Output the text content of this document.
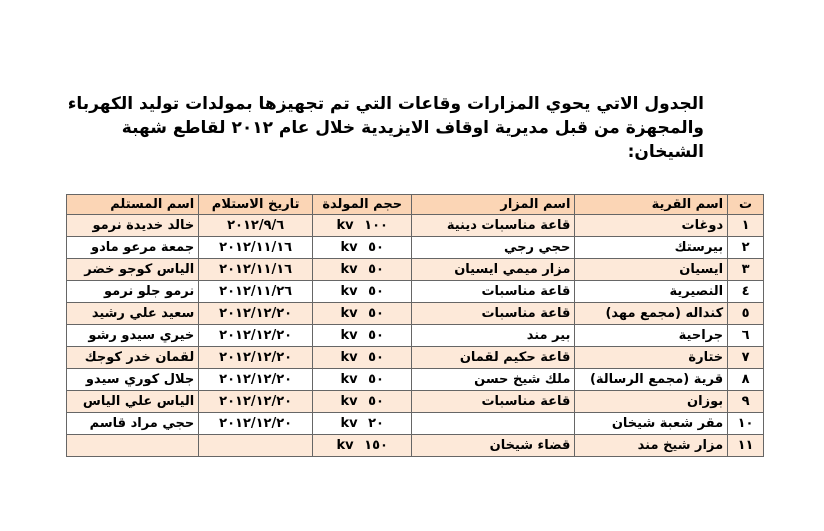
الجدول الاتي يحوي المزارات وقاعات التي تم تجهيزها بمولدات توليد الكهرباء
والمجهزة من قبل مديرية اوقاف الايزيدية خلال عام ٢٠١٢ لقاطع شهبة
الشيخان:
ت	اسم القرية	اسم المزار	حجم المولدة	تاريخ الاستلام	اسم المستلم
١	دوغات	قاعة مناسبات دينية	kv ١٠٠	٢٠١٢/٩/٦	خالد خديدة نرمو
٢	بيرستك	حجي رجي	kv ٥٠	٢٠١٢/١١/١٦	جمعة مرعو مادو
٣	ايسيان	مزار ميمي ايسيان	kv ٥٠	٢٠١٢/١١/١٦	الياس كوجو خضر
٤	النصيرية	قاعة مناسبات	kv ٥٠	٢٠١٢/١١/٢٦	نرمو جلو نرمو
٥	كنداله (مجمع مهد)	قاعة مناسبات	kv ٥٠	٢٠١٢/١٢/٢٠	سعيد علي رشيد
٦	جراحية	بير مند	kv ٥٠	٢٠١٢/١٢/٢٠	خيري سيدو رشو
٧	ختارة	قاعة حكيم لقمان	kv ٥٠	٢٠١٢/١٢/٢٠	لقمان خدر كوجك
٨	قرية (مجمع الرسالة)	ملك شيخ حسن	kv ٥٠	٢٠١٢/١٢/٢٠	جلال كوري سيدو
٩	بوزان	قاعة مناسبات	kv ٥٠	٢٠١٢/١٢/٢٠	الياس علي الياس
١٠	مقر شعبة شيخان		kv ٢٠	٢٠١٢/١٢/٢٠	حجي مراد قاسم
١١	مزار شيخ مند	قضاء شيخان	kv ١٥٠		
